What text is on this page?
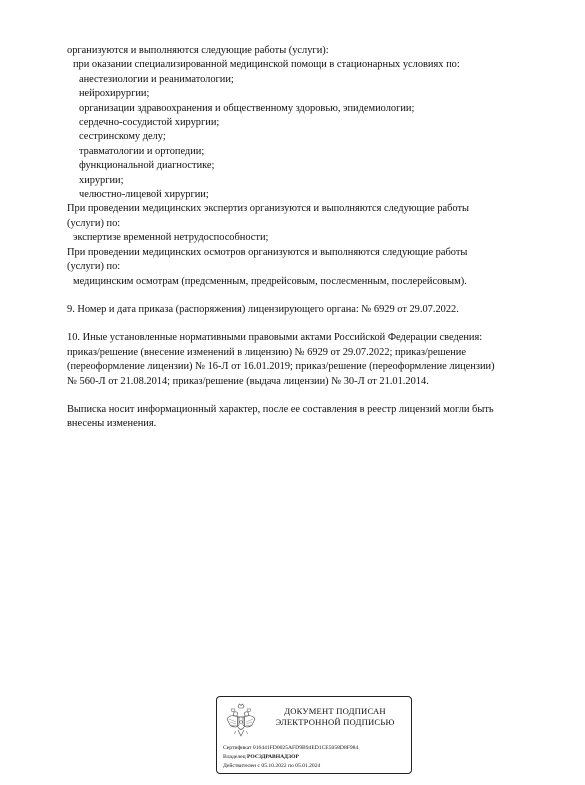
организуются и выполняются следующие работы (услуги):
при оказании специализированной медицинской помощи в стационарных условиях по:
анестезиологии и реаниматологии;
нейрохирургии;
организации здравоохранения и общественному здоровью, эпидемиологии;
сердечно-сосудистой хирургии;
сестринскому делу;
травматологии и ортопедии;
функциональной диагностике;
хирургии;
челюстно-лицевой хирургии;
При проведении медицинских экспертиз организуются и выполняются следующие работы
(услуги) по:
экспертизе временной нетрудоспособности;
При проведении медицинских осмотров организуются и выполняются следующие работы
(услуги) по:
медицинским осмотрам (предсменным, предрейсовым, послесменным, послерейсовым).
9. Номер и дата приказа (распоряжения) лицензирующего органа: № 6929 от 29.07.2022.
10. Иные установленные нормативными правовыми актами Российской Федерации сведения:
приказ/решение (внесение изменений в лицензию) № 6929 от 29.07.2022; приказ/решение
(переоформление лицензии) № 16-Л от 16.01.2019; приказ/решение (переоформление лицензии)
№ 560-Л от 21.08.2014; приказ/решение (выдача лицензии) № 30-Л от 21.01.2014.
Выписка носит информационный характер, после ее составления в реестр лицензий могли быть
внесены изменения.
ДОКУМЕНТ ПОДПИСАН
ЭЛЕКТРОННОЙ ПОДПИСЬЮ
Сертификат 016441FD0025AFD9B94ED1CE5058D8F984
Владелец РОСЗДРАВНАДЗОР
Действителен с 05.10.2022 по 05.01.2024
